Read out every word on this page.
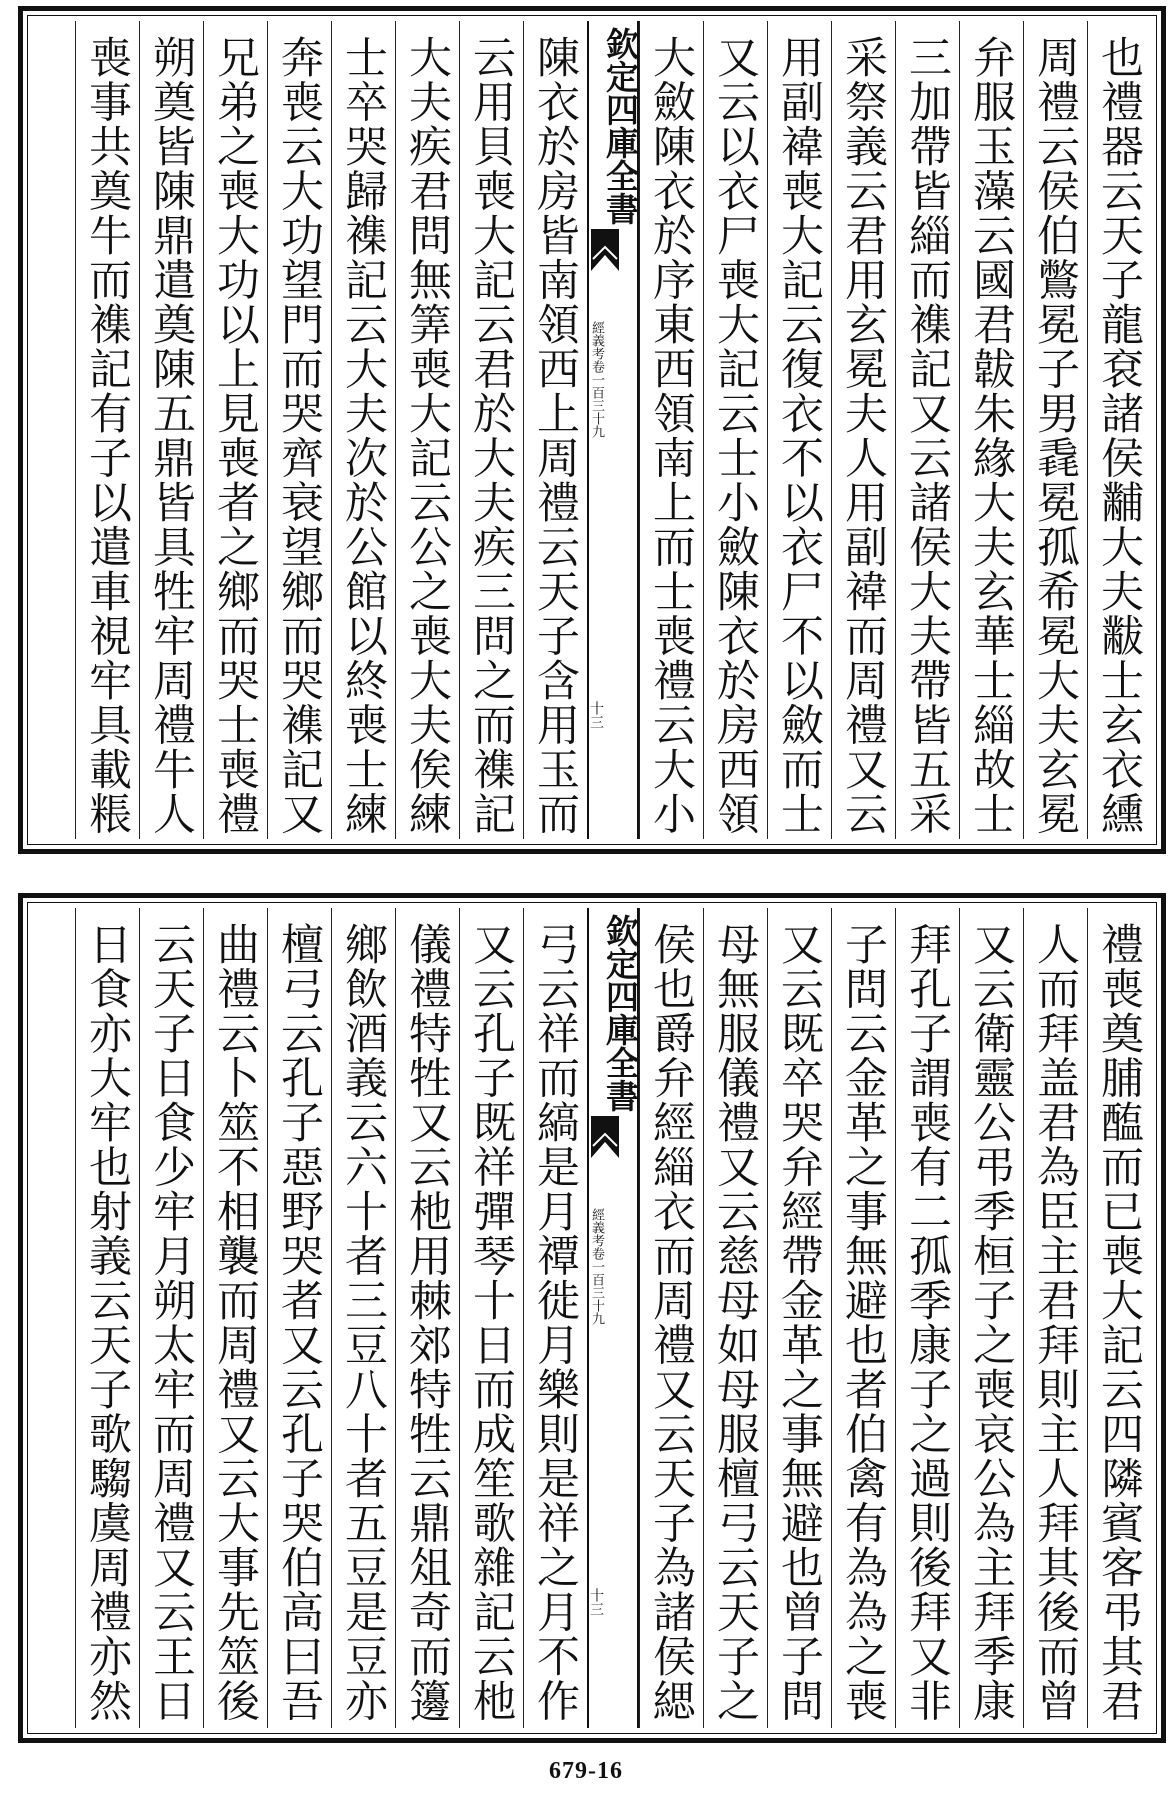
也禮器云天子龍袞諸侯黼大夫黻士玄衣纁
周禮云侯伯鷩冕子男毳冕孤希冕大夫玄冕
弁服玉藻云國君韍朱緣大夫玄華士緇故士
三加帶皆緇而襍記又云諸侯大夫帶皆五采
采祭義云君用玄冕夫人用副褘而周禮又云
用副褘喪大記云復衣不以衣尸不以斂而士
又云以衣尸喪大記云士小斂陳衣於房西領
大斂陳衣於序東西領南上而士喪禮云大小
欽定四庫全書
經義考卷一百三十九
十三
陳衣於房皆南領西上周禮云天子含用玉而
云用貝喪大記云君於大夫疾三問之而襍記
大夫疾君問無筭喪大記云公之喪大夫俟練
士卒哭歸襍記云大夫次於公館以終喪士練
奔喪云大功望門而哭齊衰望鄉而哭襍記又
兄弟之喪大功以上見喪者之鄉而哭士喪禮
朔奠皆陳鼎遣奠陳五鼎皆具牲牢周禮牛人
喪事共奠牛而襍記有子以遣車視牢具載粻
禮喪奠脯醢而已喪大記云四隣賓客弔其君
人而拜盖君為臣主君拜則主人拜其後而曾
又云衛靈公弔季桓子之喪哀公為主拜季康
拜孔子謂喪有二孤季康子之過則後拜又非
子問云金革之事無避也者伯禽有為為之喪
又云既卒哭弁經帶金革之事無避也曾子問
母無服儀禮又云慈母如母服檀弓云天子之
侯也爵弁經緇衣而周禮又云天子為諸侯緦
欽定四庫全書
經義考卷一百三十九
十三
弓云祥而縞是月禫徙月樂則是祥之月不作
又云孔子既祥彈琴十日而成笙歌雜記云杝
儀禮特牲又云杝用棘郊特牲云鼎俎奇而籩
鄉飲酒義云六十者三豆八十者五豆是豆亦
檀弓云孔子惡野哭者又云孔子哭伯高曰吾
曲禮云卜筮不相襲而周禮又云大事先筮後
云天子日食少牢月朔太牢而周禮又云王日
日食亦大牢也射義云天子歌騶虞周禮亦然
679-16
